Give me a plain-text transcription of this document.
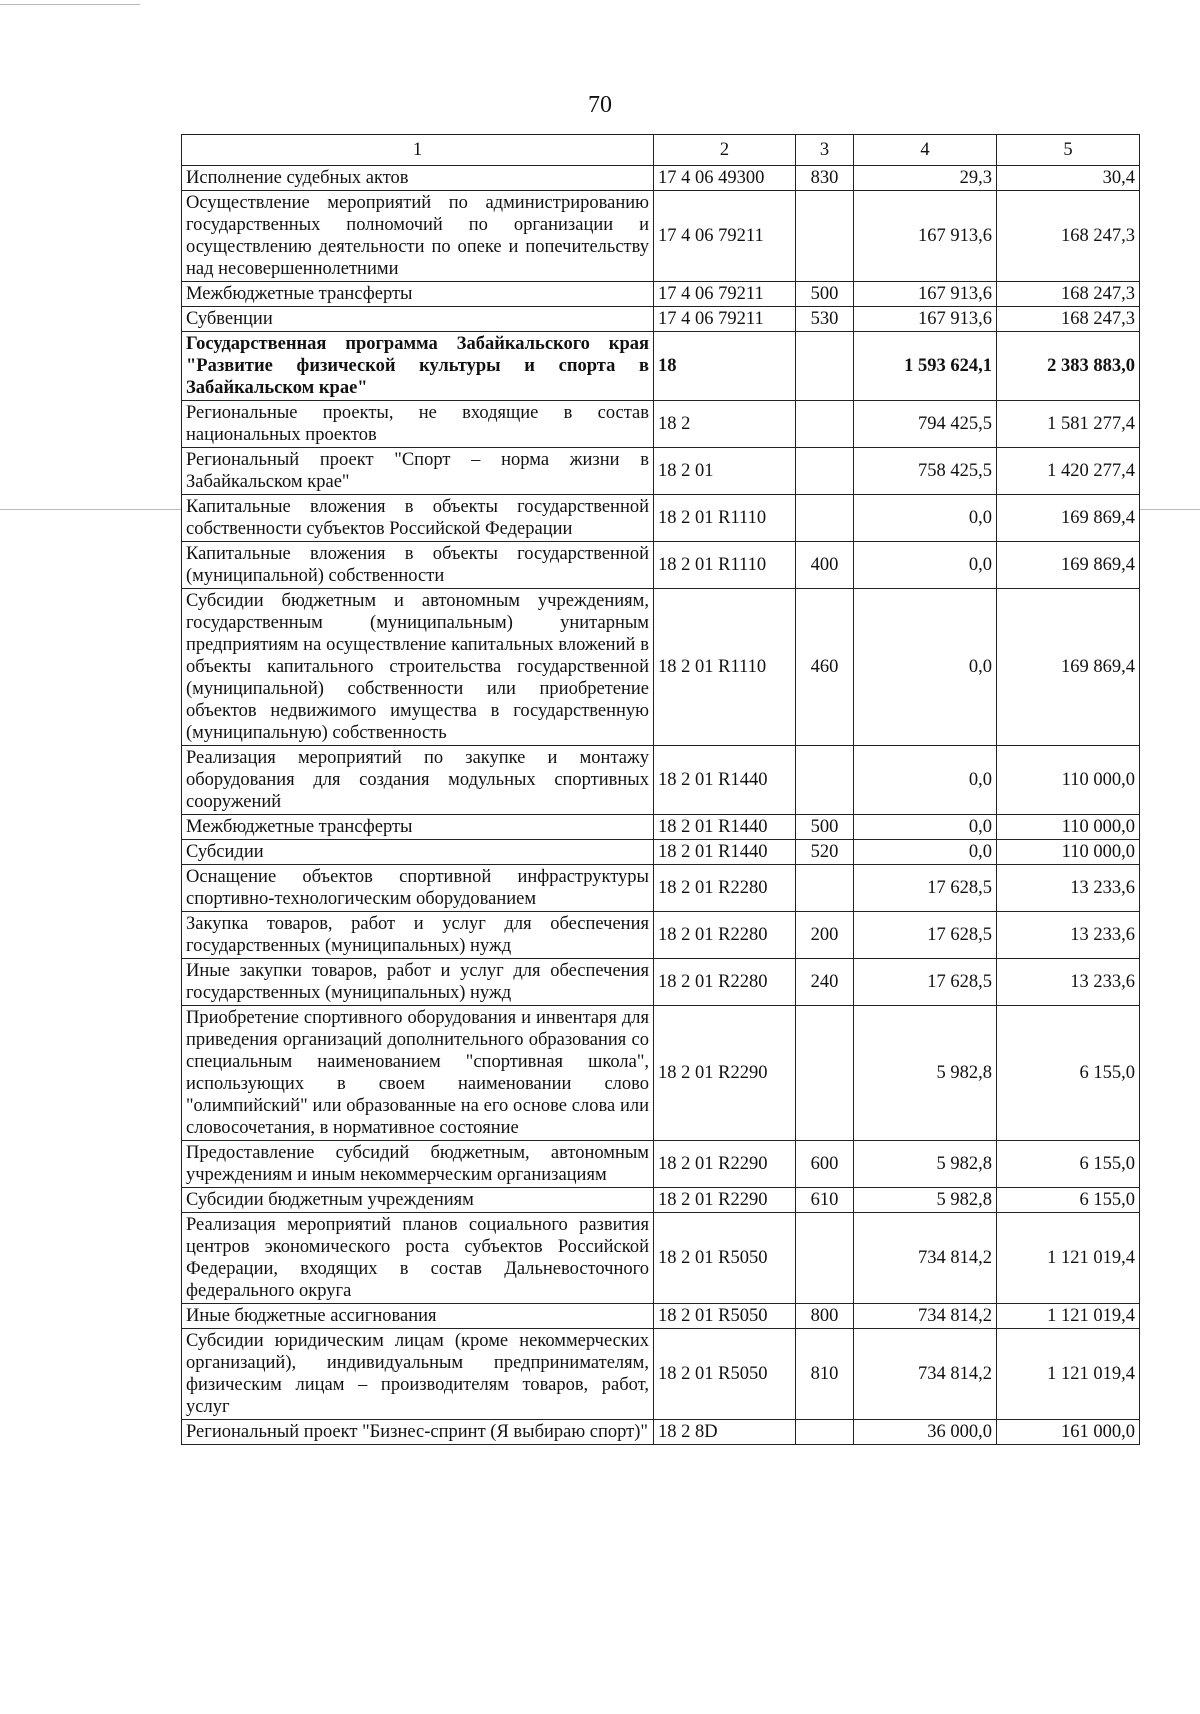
70
1	2	3	4	5
Исполнение судебных актов	17 4 06 49300	830	29,3	30,4
Осуществление мероприятий по администрированию государственных полномочий по организации и осуществлению деятельности по опеке и попечительству над несовершеннолетними	17 4 06 79211		167 913,6	168 247,3
Межбюджетные трансферты	17 4 06 79211	500	167 913,6	168 247,3
Субвенции	17 4 06 79211	530	167 913,6	168 247,3
Государственная программа Забайкальского края "Развитие физической культуры и спорта в Забайкальском крае"	18		1 593 624,1	2 383 883,0
Региональные проекты, не входящие в состав национальных проектов	18 2		794 425,5	1 581 277,4
Региональный проект "Спорт – норма жизни в Забайкальском крае"	18 2 01		758 425,5	1 420 277,4
Капитальные вложения в объекты государственной собственности субъектов Российской Федерации	18 2 01 R1110		0,0	169 869,4
Капитальные вложения в объекты государственной (муниципальной) собственности	18 2 01 R1110	400	0,0	169 869,4
Субсидии бюджетным и автономным учреждениям, государственным (муниципальным) унитарным предприятиям на осуществление капитальных вложений в объекты капитального строительства государственной (муниципальной) собственности или приобретение объектов недвижимого имущества в государственную (муниципальную) собственность	18 2 01 R1110	460	0,0	169 869,4
Реализация мероприятий по закупке и монтажу оборудования для создания модульных спортивных сооружений	18 2 01 R1440		0,0	110 000,0
Межбюджетные трансферты	18 2 01 R1440	500	0,0	110 000,0
Субсидии	18 2 01 R1440	520	0,0	110 000,0
Оснащение объектов спортивной инфраструктуры спортивно-технологическим оборудованием	18 2 01 R2280		17 628,5	13 233,6
Закупка товаров, работ и услуг для обеспечения государственных (муниципальных) нужд	18 2 01 R2280	200	17 628,5	13 233,6
Иные закупки товаров, работ и услуг для обеспечения государственных (муниципальных) нужд	18 2 01 R2280	240	17 628,5	13 233,6
Приобретение спортивного оборудования и инвентаря для приведения организаций дополнительного образования со специальным наименованием "спортивная школа", использующих в своем наименовании слово "олимпийский" или образованные на его основе слова или словосочетания, в нормативное состояние	18 2 01 R2290		5 982,8	6 155,0
Предоставление субсидий бюджетным, автономным учреждениям и иным некоммерческим организациям	18 2 01 R2290	600	5 982,8	6 155,0
Субсидии бюджетным учреждениям	18 2 01 R2290	610	5 982,8	6 155,0
Реализация мероприятий планов социального развития центров экономического роста субъектов Российской Федерации, входящих в состав Дальневосточного федерального округа	18 2 01 R5050		734 814,2	1 121 019,4
Иные бюджетные ассигнования	18 2 01 R5050	800	734 814,2	1 121 019,4
Субсидии юридическим лицам (кроме некоммерческих организаций), индивидуальным предпринимателям, физическим лицам – производителям товаров, работ, услуг	18 2 01 R5050	810	734 814,2	1 121 019,4
Региональный проект "Бизнес-спринт (Я выбираю спорт)"	18 2 8D		36 000,0	161 000,0
